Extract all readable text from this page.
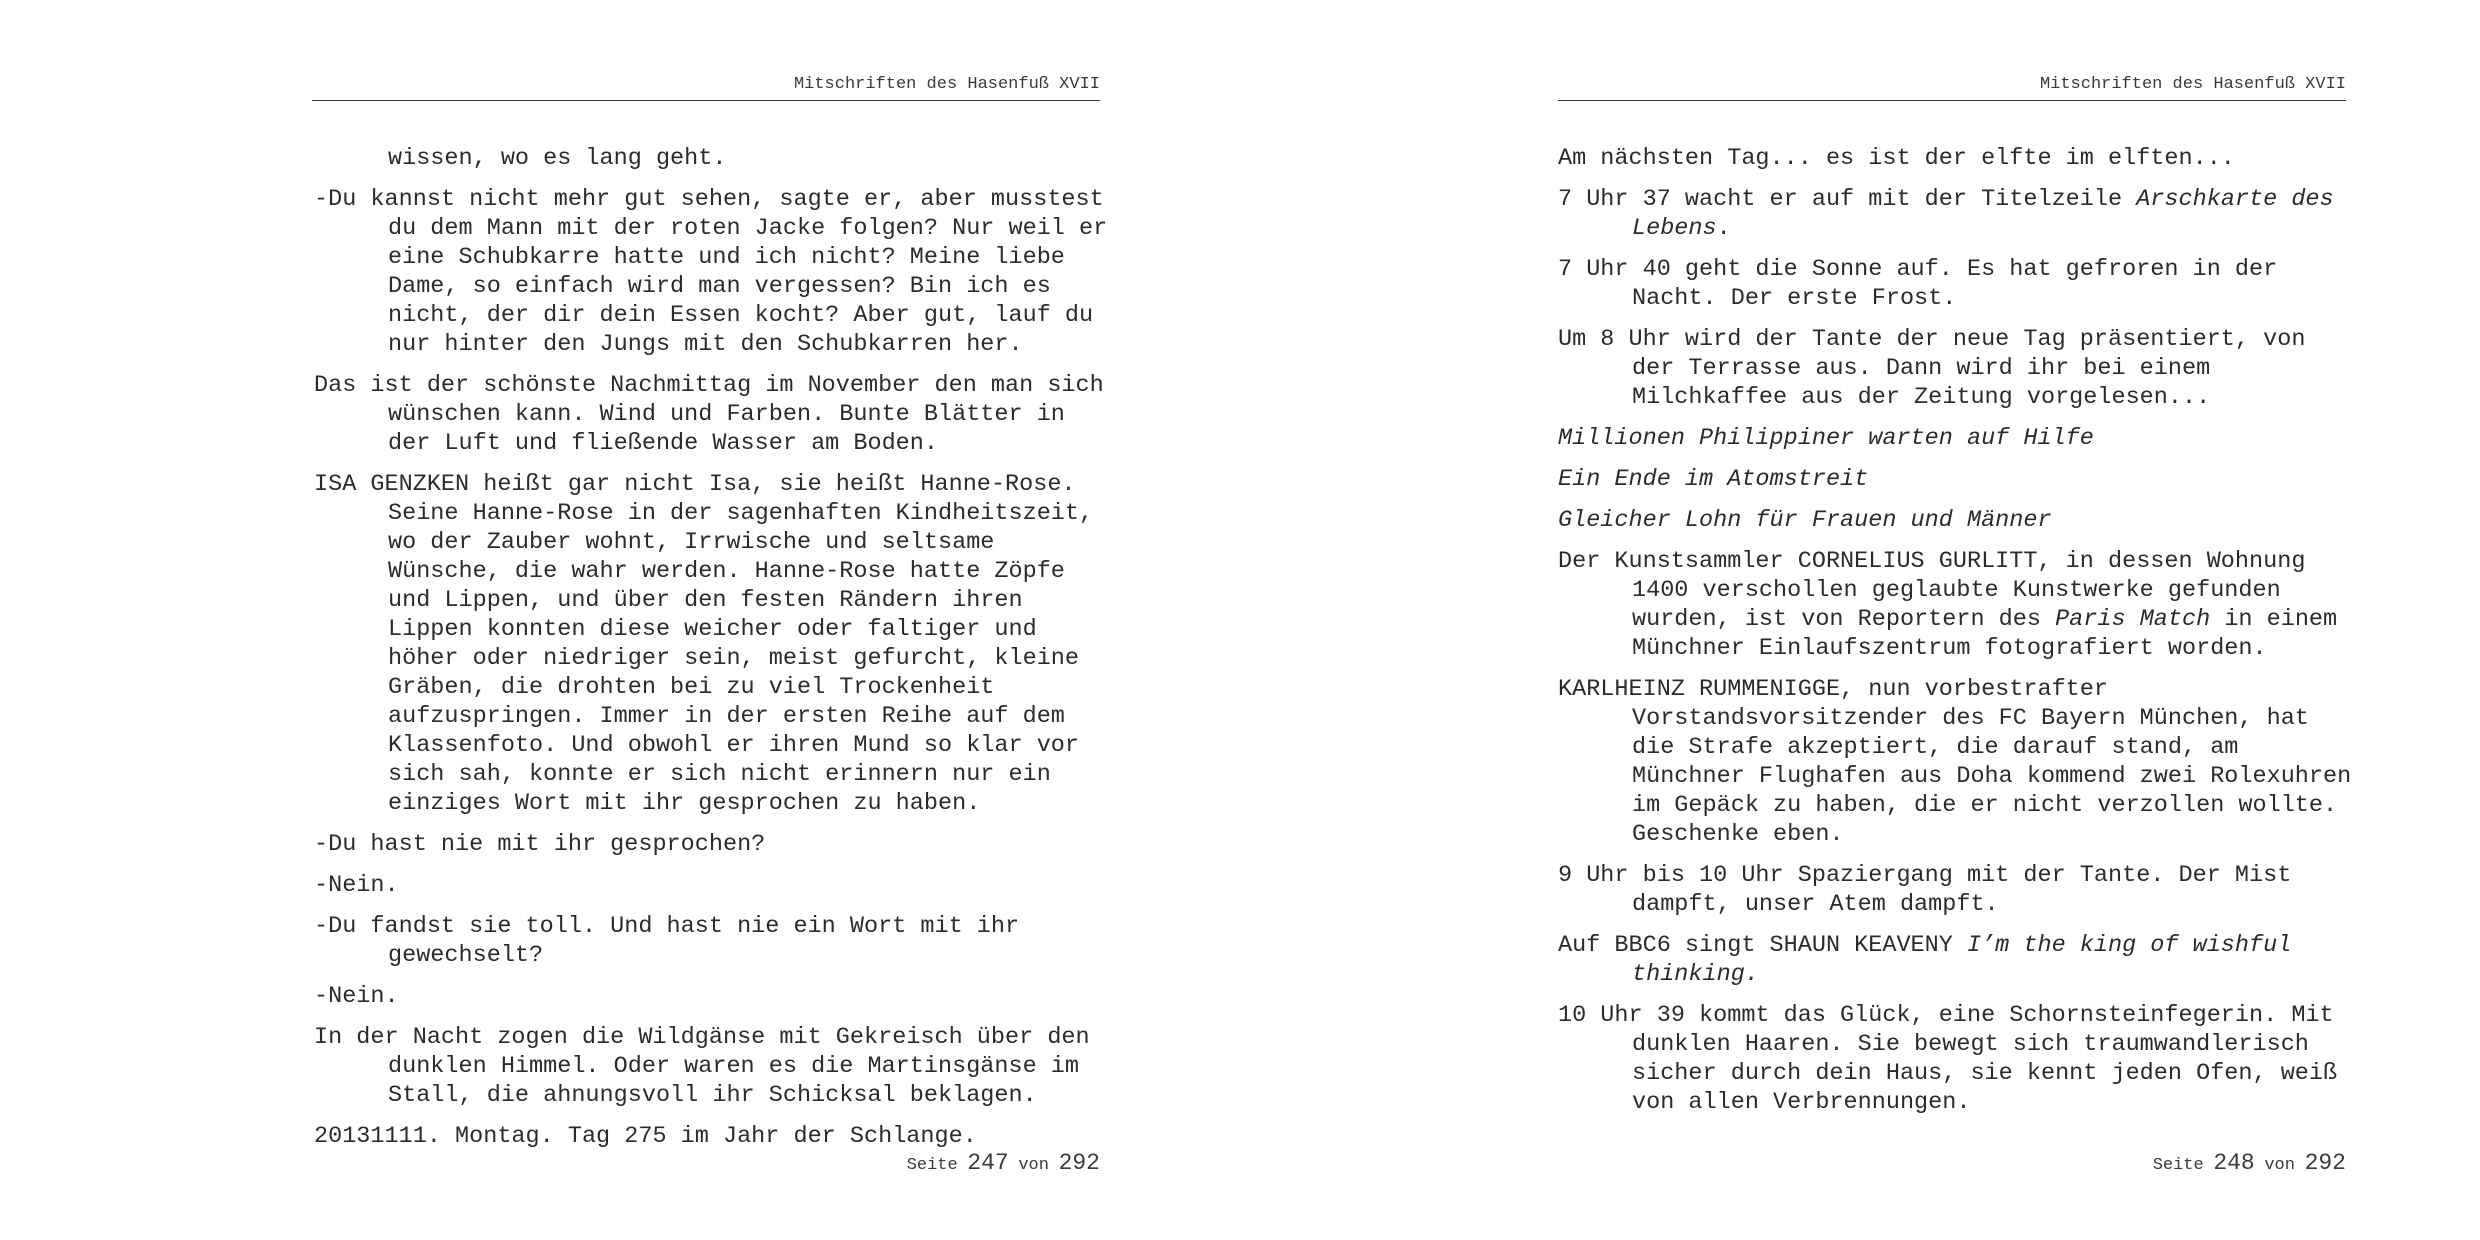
Mitschriften des Hasenfuß XVII

wissen, wo es lang geht.

-Du kannst nicht mehr gut sehen, sagte er, aber musstest du dem Mann mit der roten Jacke folgen? Nur weil er eine Schubkarre hatte und ich nicht? Meine liebe Dame, so einfach wird man vergessen? Bin ich es nicht, der dir dein Essen kocht? Aber gut, lauf du nur hinter den Jungs mit den Schubkarren her.

Das ist der schönste Nachmittag im November den man sich wünschen kann. Wind und Farben. Bunte Blätter in der Luft und fließende Wasser am Boden.

ISA GENZKEN heißt gar nicht Isa, sie heißt Hanne-Rose. Seine Hanne-Rose in der sagenhaften Kindheitszeit, wo der Zauber wohnt, Irrwische und seltsame Wünsche, die wahr werden. Hanne-Rose hatte Zöpfe und Lippen, und über den festen Rändern ihren Lippen konnten diese weicher oder faltiger und höher oder niedriger sein, meist gefurcht, kleine Gräben, die drohten bei zu viel Trockenheit aufzuspringen. Immer in der ersten Reihe auf dem Klassenfoto. Und obwohl er ihren Mund so klar vor sich sah, konnte er sich nicht erinnern nur ein einziges Wort mit ihr gesprochen zu haben.

-Du hast nie mit ihr gesprochen?

-Nein.

-Du fandst sie toll. Und hast nie ein Wort mit ihr gewechselt?

-Nein.

In der Nacht zogen die Wildgänse mit Gekreisch über den dunklen Himmel. Oder waren es die Martinsgänse im Stall, die ahnungsvoll ihr Schicksal beklagen.

20131111. Montag. Tag 275 im Jahr der Schlange.

Seite 247 von 292
Mitschriften des Hasenfuß XVII

Am nächsten Tag... es ist der elfte im elften...

7 Uhr 37 wacht er auf mit der Titelzeile Arschkarte des Lebens.

7 Uhr 40 geht die Sonne auf. Es hat gefroren in der Nacht. Der erste Frost.

Um 8 Uhr wird der Tante der neue Tag präsentiert, von der Terrasse aus. Dann wird ihr bei einem Milchkaffee aus der Zeitung vorgelesen...

Millionen Philippiner warten auf Hilfe

Ein Ende im Atomstreit

Gleicher Lohn für Frauen und Männer

Der Kunstsammler CORNELIUS GURLITT, in dessen Wohnung 1400 verschollen geglaubte Kunstwerke gefunden wurden, ist von Reportern des Paris Match in einem Münchner Einlaufszentrum fotografiert worden.

KARLHEINZ RUMMENIGGE, nun vorbestrafter Vorstandsvorsitzender des FC Bayern München, hat die Strafe akzeptiert, die darauf stand, am Münchner Flughafen aus Doha kommend zwei Rolexuhren im Gepäck zu haben, die er nicht verzollen wollte. Geschenke eben.

9 Uhr bis 10 Uhr Spaziergang mit der Tante. Der Mist dampft, unser Atem dampft.

Auf BBC6 singt SHAUN KEAVENY I’m the king of wishful thinking.

10 Uhr 39 kommt das Glück, eine Schornsteinfegerin. Mit dunklen Haaren. Sie bewegt sich traumwandlerisch sicher durch dein Haus, sie kennt jeden Ofen, weiß von allen Verbrennungen.

Seite 248 von 292
